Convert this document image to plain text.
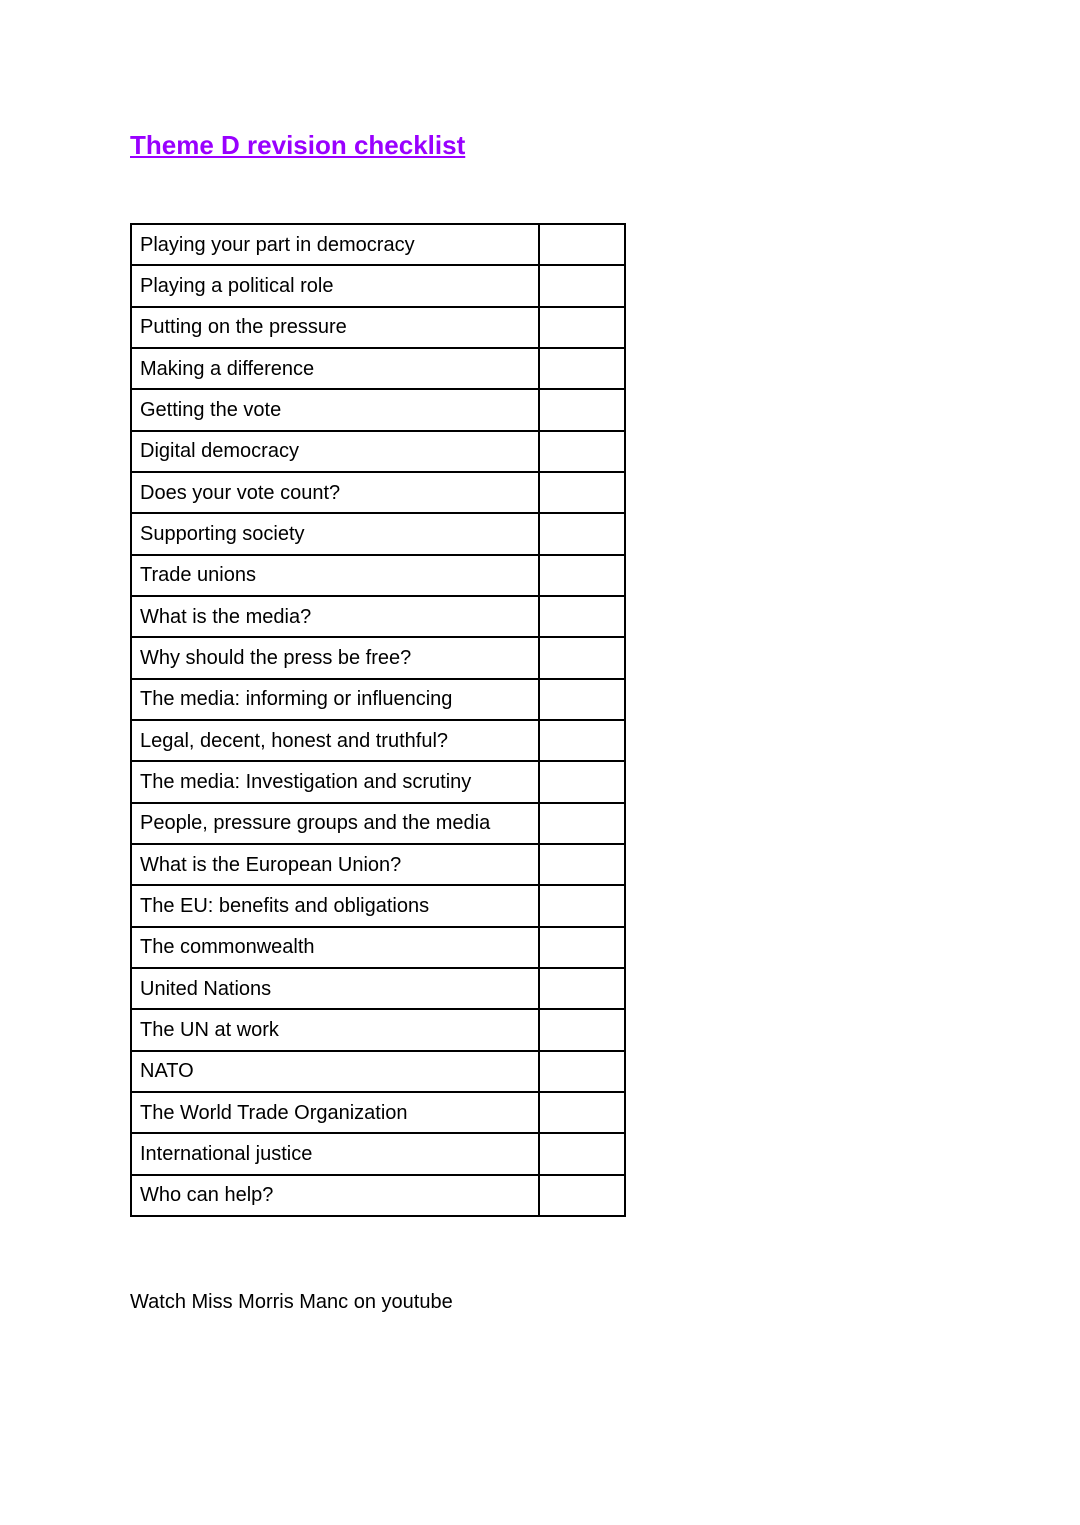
Theme D revision checklist
Playing your part in democracy	
Playing a political role	
Putting on the pressure	
Making a difference	
Getting the vote	
Digital democracy	
Does your vote count?	
Supporting society	
Trade unions	
What is the media?	
Why should the press be free?	
The media: informing or influencing	
Legal, decent, honest and truthful?	
The media: Investigation and scrutiny	
People, pressure groups and the media	
What is the European Union?	
The EU: benefits and obligations	
The commonwealth	
United Nations	
The UN at work	
NATO	
The World Trade Organization	
International justice	
Who can help?	

Watch Miss Morris Manc on youtube
